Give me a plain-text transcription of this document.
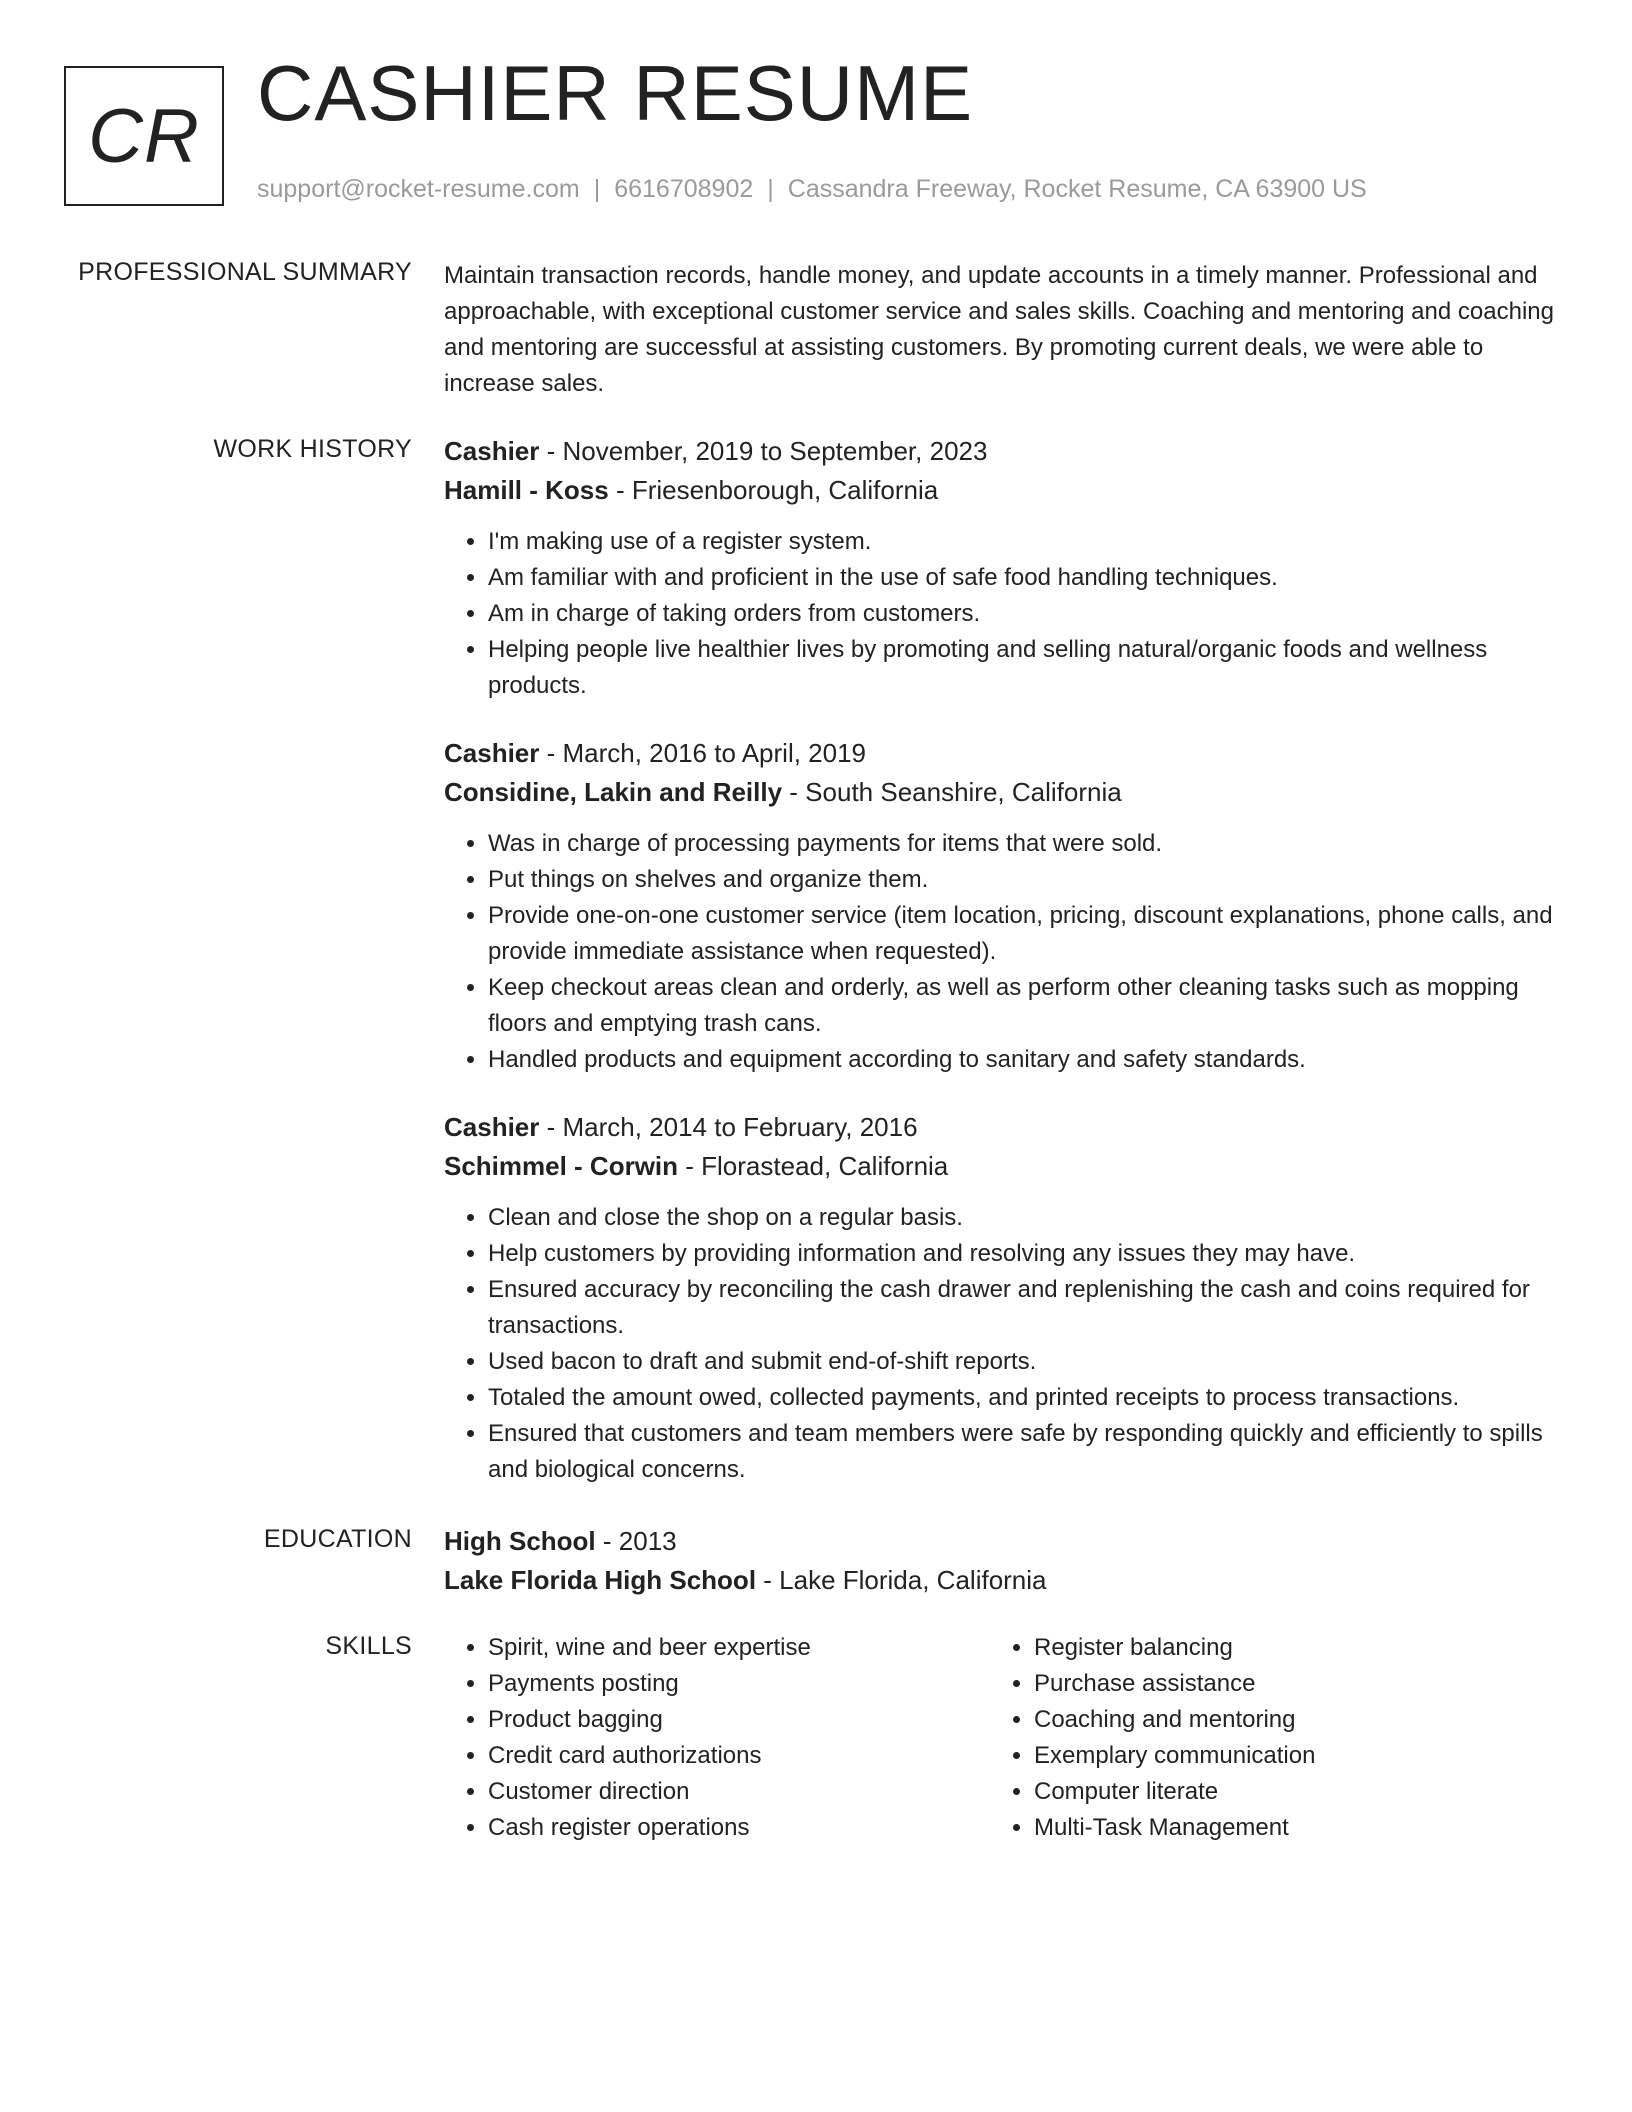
CR CASHIER RESUME
support@rocket-resume.com | 6616708902 | Cassandra Freeway, Rocket Resume, CA 63900 US
PROFESSIONAL SUMMARY Maintain transaction records, handle money, and update accounts in a timely manner. Professional and approachable, with exceptional customer service and sales skills. Coaching and mentoring and coaching and mentoring are successful at assisting customers. By promoting current deals, we were able to increase sales.

WORK HISTORY Cashier - November, 2019 to September, 2023
Hamill - Koss - Friesenborough, California
• I'm making use of a register system.
• Am familiar with and proficient in the use of safe food handling techniques.
• Am in charge of taking orders from customers.
• Helping people live healthier lives by promoting and selling natural/organic foods and wellness products.
Cashier - March, 2016 to April, 2019
Considine, Lakin and Reilly - South Seanshire, California
• Was in charge of processing payments for items that were sold.
• Put things on shelves and organize them.
• Provide one-on-one customer service (item location, pricing, discount explanations, phone calls, and provide immediate assistance when requested).
• Keep checkout areas clean and orderly, as well as perform other cleaning tasks such as mopping floors and emptying trash cans.
• Handled products and equipment according to sanitary and safety standards.
Cashier - March, 2014 to February, 2016
Schimmel - Corwin - Florastead, California
• Clean and close the shop on a regular basis.
• Help customers by providing information and resolving any issues they may have.
• Ensured accuracy by reconciling the cash drawer and replenishing the cash and coins required for transactions.
• Used bacon to draft and submit end-of-shift reports.
• Totaled the amount owed, collected payments, and printed receipts to process transactions.
• Ensured that customers and team members were safe by responding quickly and efficiently to spills and biological concerns.
EDUCATION High School - 2013
Lake Florida High School - Lake Florida, California
SKILLS
•	Spirit, wine and beer expertise
• Payments posting
• Product bagging
• Credit card authorizations
• Customer direction
• Cash register operations
• Register balancing
• Purchase assistance
• Coaching and mentoring
• Exemplary communication
• Computer literate
• Multi-Task Management
